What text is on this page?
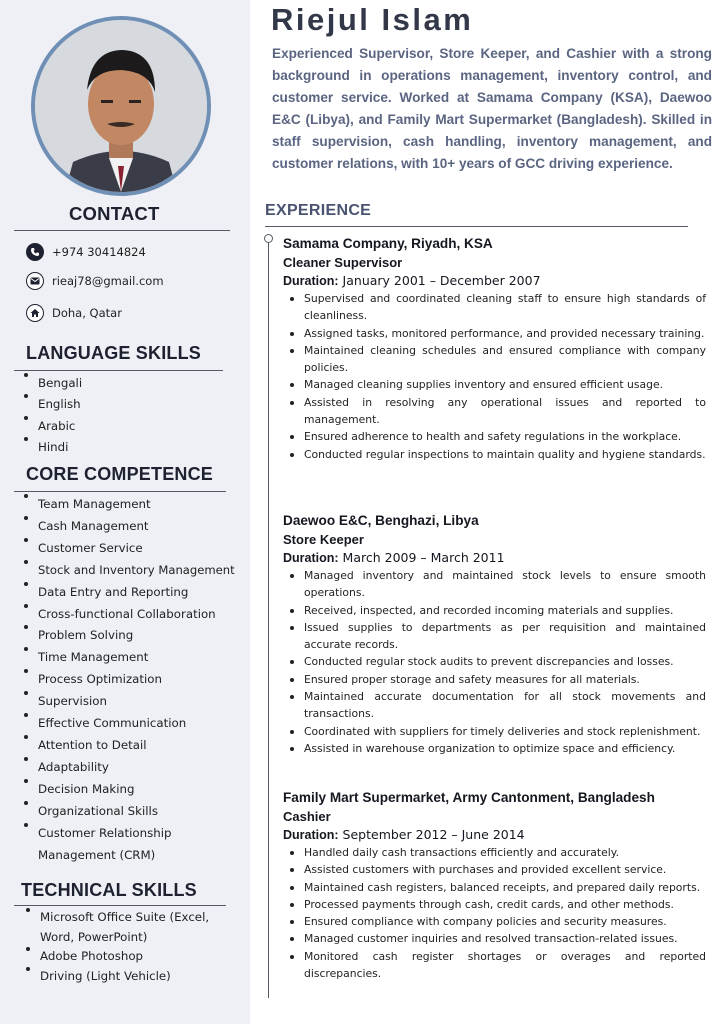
CONTACT
+974 30414824
rieaj78@gmail.com
Doha, Qatar
LANGUAGE SKILLS
Bengali
English
Arabic
Hindi
CORE COMPETENCE
Team Management
Cash Management
Customer Service
Stock and Inventory Management
Data Entry and Reporting
Cross-functional Collaboration
Problem Solving
Time Management
Process Optimization
Supervision
Effective Communication
Attention to Detail
Adaptability
Decision Making
Organizational Skills
Customer Relationship Management (CRM)
TECHNICAL SKILLS
Microsoft Office Suite (Excel, Word, PowerPoint)
Adobe Photoshop
Driving (Light Vehicle)
Riejul Islam
Experienced Supervisor, Store Keeper, and Cashier with a strong background in operations management, inventory control, and customer service. Worked at Samama Company (KSA), Daewoo E&C (Libya), and Family Mart Supermarket (Bangladesh). Skilled in staff supervision, cash handling, inventory management, and customer relations, with 10+ years of GCC driving experience.
EXPERIENCE
Samama Company, Riyadh, KSA
Cleaner Supervisor
Duration: January 2001 – December 2007
Supervised and coordinated cleaning staff to ensure high standards of cleanliness.
Assigned tasks, monitored performance, and provided necessary training.
Maintained cleaning schedules and ensured compliance with company policies.
Managed cleaning supplies inventory and ensured efficient usage.
Assisted in resolving any operational issues and reported to management.
Ensured adherence to health and safety regulations in the workplace.
Conducted regular inspections to maintain quality and hygiene standards.
Daewoo E&C, Benghazi, Libya
Store Keeper
Duration: March 2009 – March 2011
Managed inventory and maintained stock levels to ensure smooth operations.
Received, inspected, and recorded incoming materials and supplies.
Issued supplies to departments as per requisition and maintained accurate records.
Conducted regular stock audits to prevent discrepancies and losses.
Ensured proper storage and safety measures for all materials.
Maintained accurate documentation for all stock movements and transactions.
Coordinated with suppliers for timely deliveries and stock replenishment.
Assisted in warehouse organization to optimize space and efficiency.
Family Mart Supermarket, Army Cantonment, Bangladesh
Cashier
Duration: September 2012 – June 2014
Handled daily cash transactions efficiently and accurately.
Assisted customers with purchases and provided excellent service.
Maintained cash registers, balanced receipts, and prepared daily reports.
Processed payments through cash, credit cards, and other methods.
Ensured compliance with company policies and security measures.
Managed customer inquiries and resolved transaction-related issues.
Monitored cash register shortages or overages and reported discrepancies.
